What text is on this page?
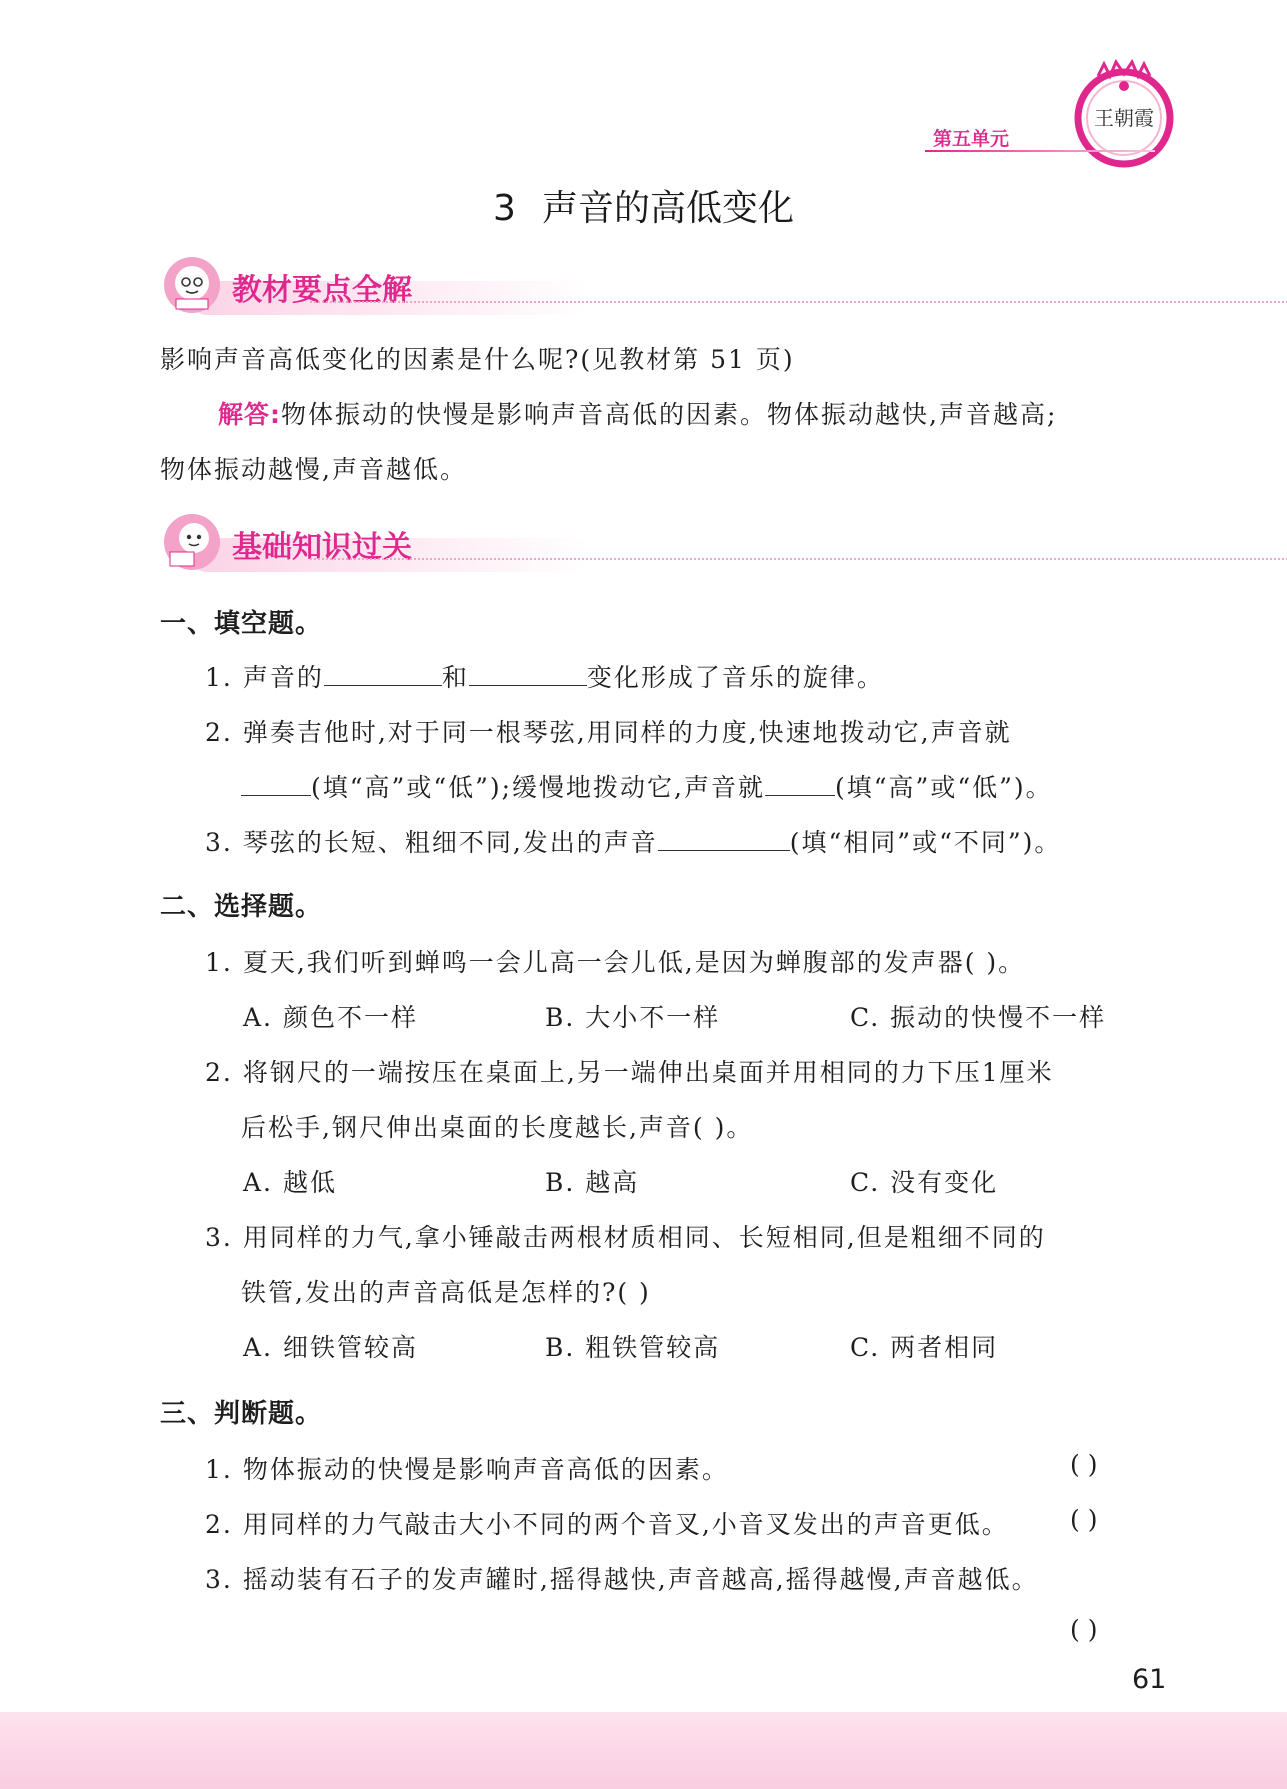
王朝霞
第五单元
3 声音的高低变化
教材要点全解
影响声音高低变化的因素是什么呢?(见教材第 51 页)
解答:物体振动的快慢是影响声音高低的因素。物体振动越快,声音越高;
物体振动越慢,声音越低。
基础知识过关
一、填空题。
1. 声音的	和	变化形成了音乐的旋律。
2. 弹奏吉他时,对于同一根琴弦,用同样的力度,快速地拨动它,声音就
(填“高”或“低”);缓慢地拨动它,声音就	(填“高”或“低”)。
3. 琴弦的长短、粗细不同,发出的声音	(填“相同”或“不同”)。
二、选择题。
1. 夏天,我们听到蝉鸣一会儿高一会儿低,是因为蝉腹部的发声器( )。
A. 颜色不一样	B. 大小不一样	C. 振动的快慢不一样
2. 将钢尺的一端按压在桌面上,另一端伸出桌面并用相同的力下压1厘米
后松手,钢尺伸出桌面的长度越长,声音( )。
A. 越低	B. 越高	C. 没有变化
3. 用同样的力气,拿小锤敲击两根材质相同、长短相同,但是粗细不同的
铁管,发出的声音高低是怎样的?( )
A. 细铁管较高	B. 粗铁管较高	C. 两者相同
三、判断题。
1. 物体振动的快慢是影响声音高低的因素。	( )
2. 用同样的力气敲击大小不同的两个音叉,小音叉发出的声音更低。 ( )
3. 摇动装有石子的发声罐时,摇得越快,声音越高,摇得越慢,声音越低。
( )
61
